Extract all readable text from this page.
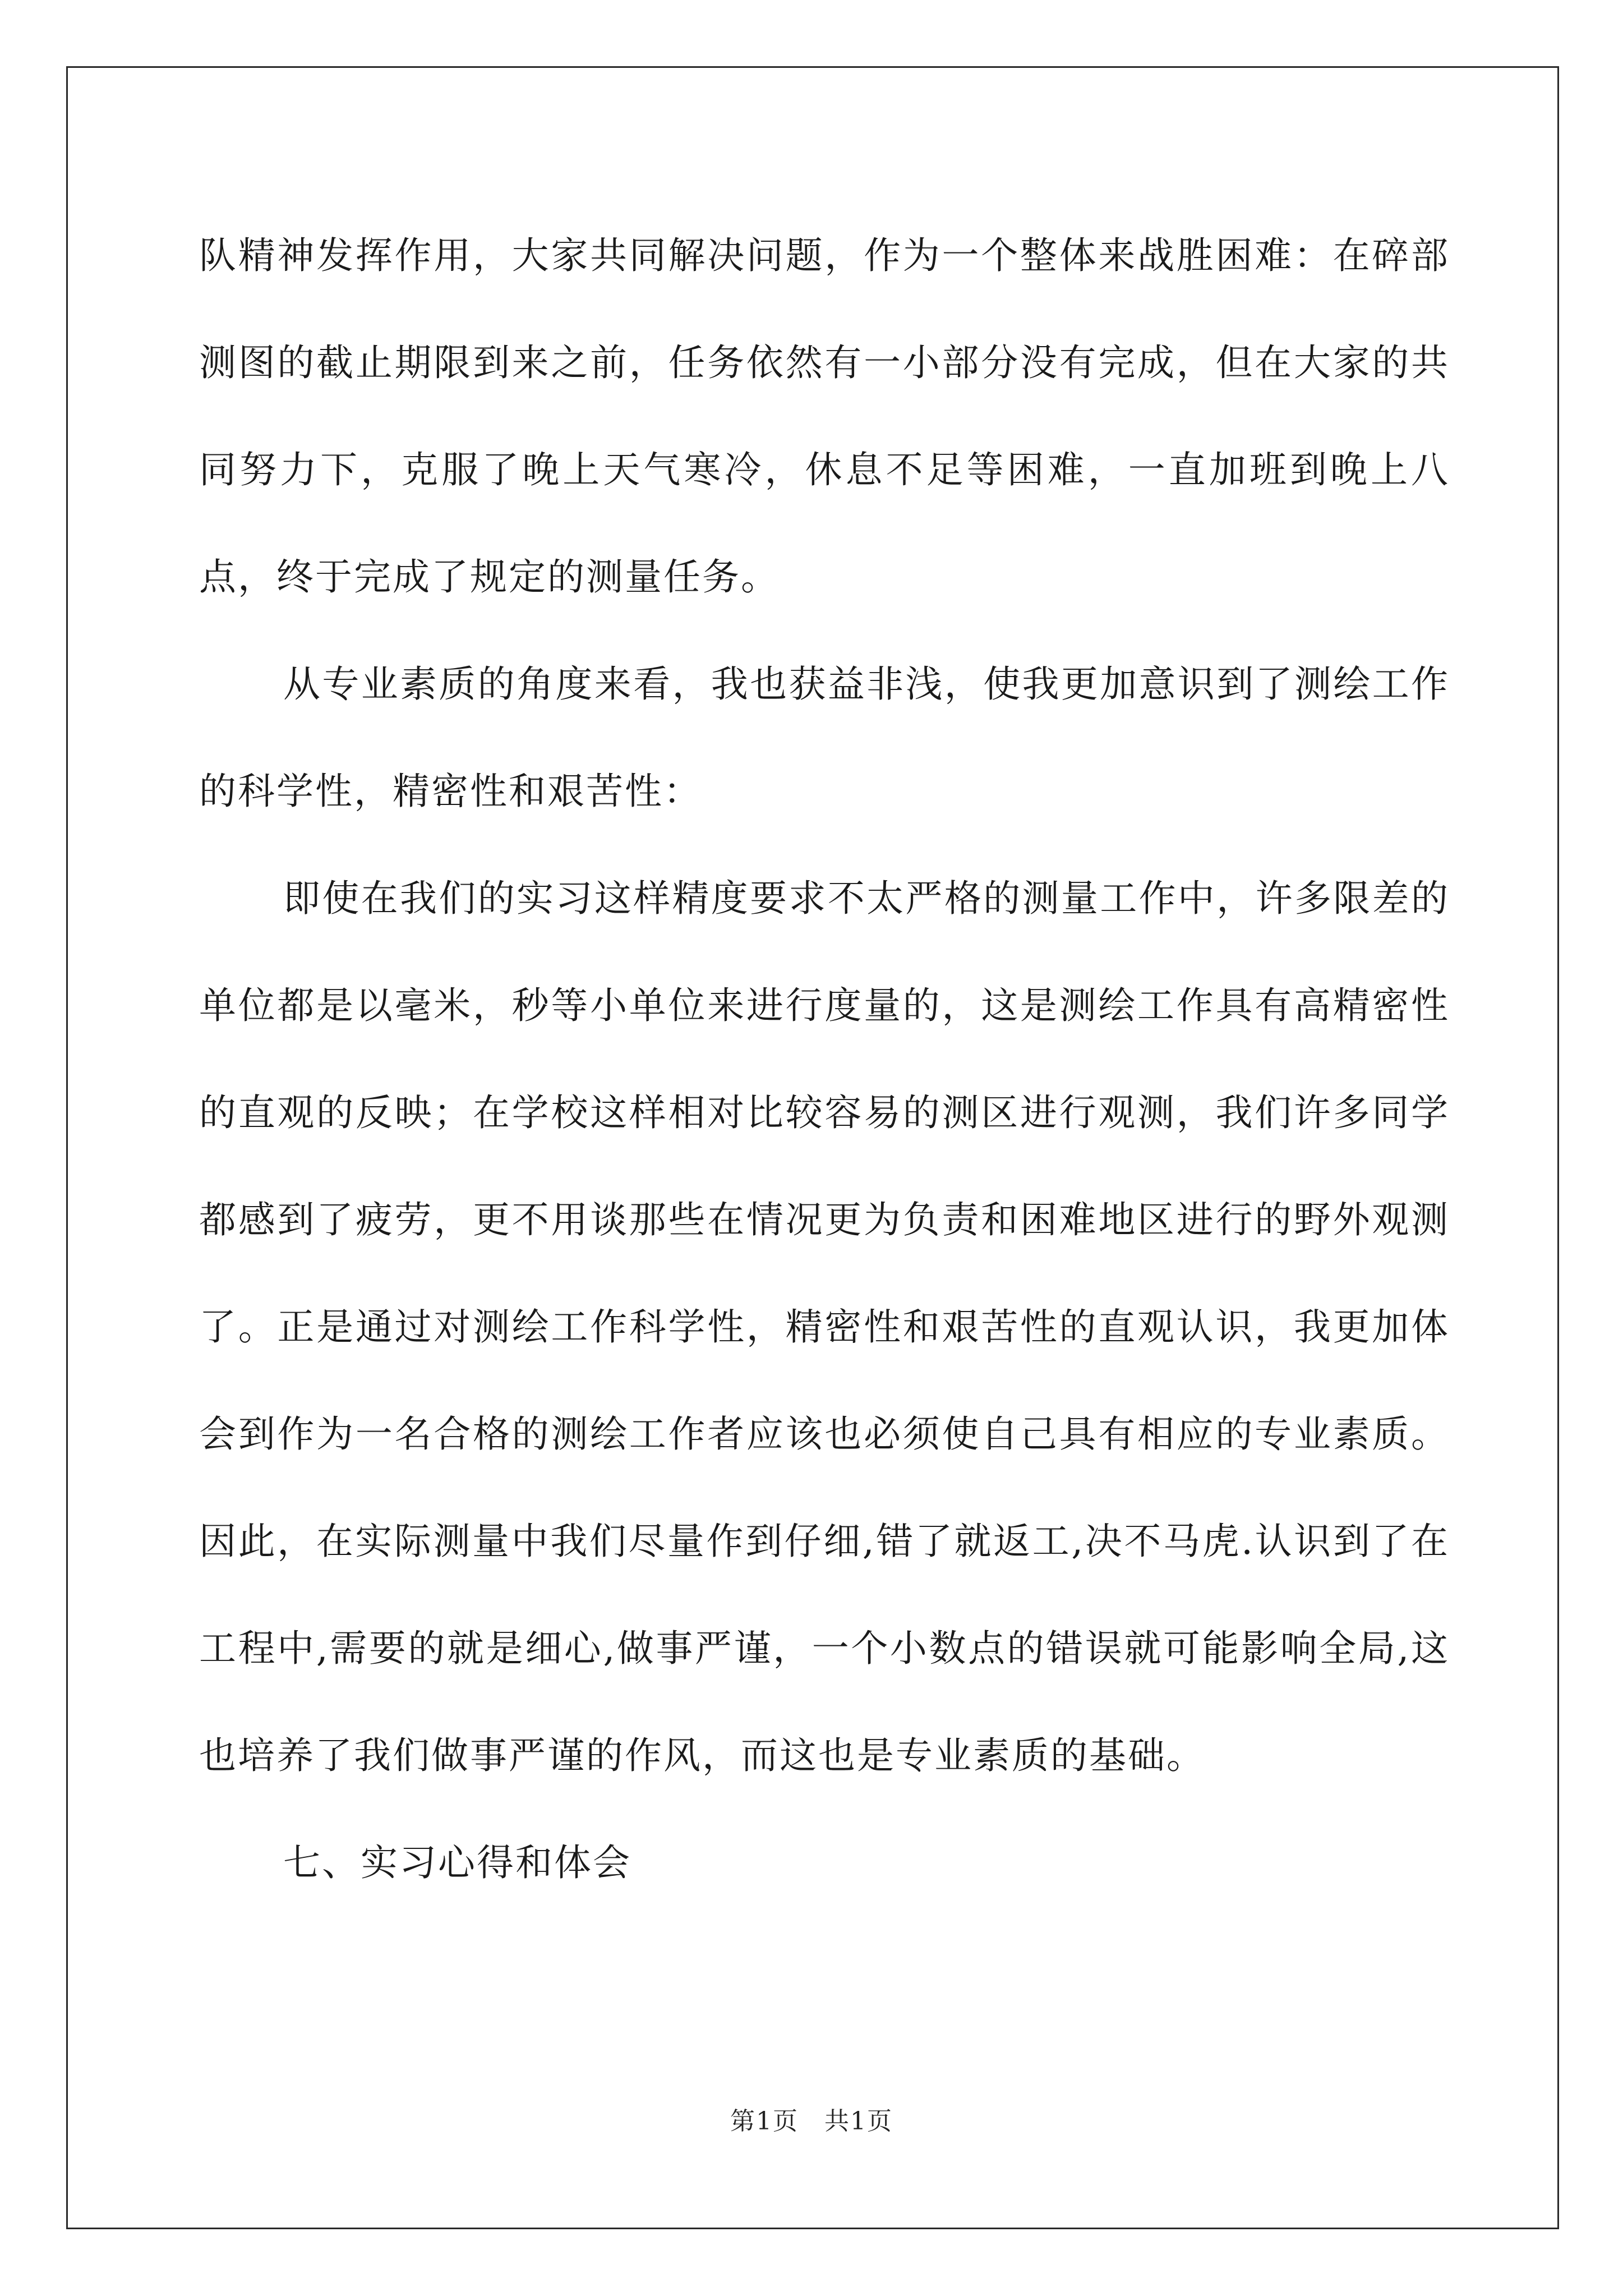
队精神发挥作用，大家共同解决问题，作为一个整体来战胜困难：在碎部测图的截止期限到来之前，任务依然有一小部分没有完成，但在大家的共同努力下，克服了晚上天气寒冷，休息不足等困难，一直加班到晚上八点，终于完成了规定的测量任务。

从专业素质的角度来看，我也获益非浅，使我更加意识到了测绘工作的科学性，精密性和艰苦性：

即使在我们的实习这样精度要求不太严格的测量工作中，许多限差的单位都是以毫米，秒等小单位来进行度量的，这是测绘工作具有高精密性的直观的反映；在学校这样相对比较容易的测区进行观测，我们许多同学都感到了疲劳，更不用谈那些在情况更为负责和困难地区进行的野外观测了。正是通过对测绘工作科学性，精密性和艰苦性的直观认识，我更加体会到作为一名合格的测绘工作者应该也必须使自己具有相应的专业素质。因此，在实际测量中我们尽量作到仔细,错了就返工,决不马虎.认识到了在工程中,需要的就是细心,做事严谨，一个小数点的错误就可能影响全局,这也培养了我们做事严谨的作风，而这也是专业素质的基础。

七、实习心得和体会
第1页　共1页
